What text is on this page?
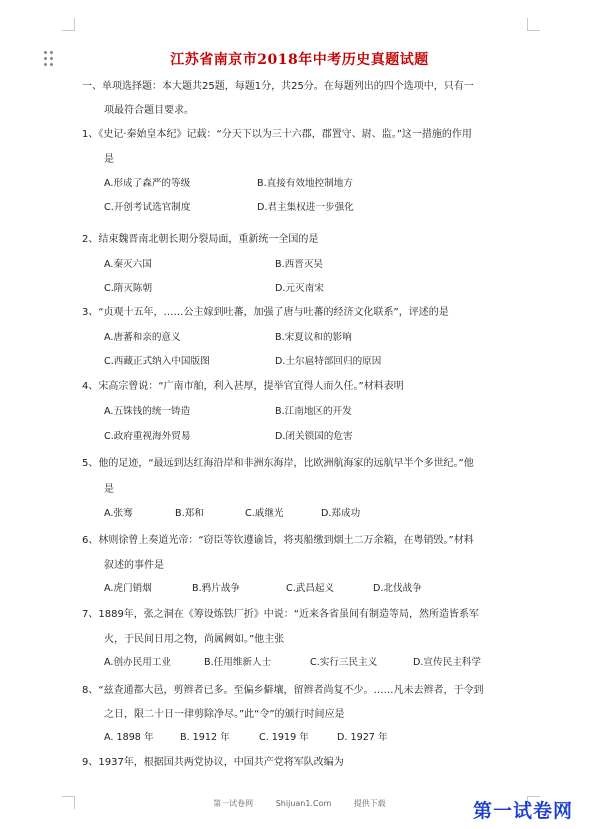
江苏省南京市2018年中考历史真题试题
一、单项选择题：本大题共25题，每题1分，共25分。在每题列出的四个选项中，只有一
项最符合题目要求。
1、《史记·秦始皇本纪》记载：“分天下以为三十六郡，郡置守、尉、监。”这一措施的作用
是
A.形成了森严的等级	B.直接有效地控制地方
C.开创考试选官制度	D.君主集权进一步强化
2、结束魏晋南北朝长期分裂局面，重新统一全国的是
A.秦灭六国	B.西晋灭吴
C.隋灭陈朝	D.元灭南宋
3、“贞观十五年，……公主嫁到吐蕃，加强了唐与吐蕃的经济文化联系”，评述的是
A.唐蕃和亲的意义	B.宋夏议和的影响
C.西藏正式纳入中国版图	D.土尔扈特部回归的原因
4、宋高宗曾说：“广南市舶，利入甚厚，提举官宜得人而久任。”材料表明
A.五铢钱的统一铸造	B.江南地区的开发
C.政府重视海外贸易	D.闭关锁国的危害
5、他的足迹，“最远到达红海沿岸和非洲东海岸，比欧洲航海家的远航早半个多世纪。”他
是
A.张骞	B.郑和	C.戚继光	D.郑成功
6、林则徐曾上奏道光帝：“窃臣等钦遵谕旨，将夷船缴到烟土二万余箱，在粤销毁。”材料
叙述的事件是
A.虎门销烟	B.鸦片战争	C.武昌起义	D.北伐战争
7、1889年，张之洞在《筹设炼铁厂折》中说：“近来各省虽间有制造等局，然所造皆系军
火，于民间日用之物，尚属阙如。”他主张
A.创办民用工业	B.任用维新人士	C.实行三民主义	D.宣传民主科学
8、“兹查通都大邑，剪辫者已多。至偏乡僻壤，留辫者尚复不少。……凡未去辫者，于令到
之日，限二十日一律剪除净尽。”此“令”的颁行时间应是
A. 1898 年	B. 1912 年	C. 1919 年	D. 1927 年
9、1937年，根据国共两党协议，中国共产党将军队改编为
第一试卷网	Shijuan1.Com	提供下载	第一试卷网
